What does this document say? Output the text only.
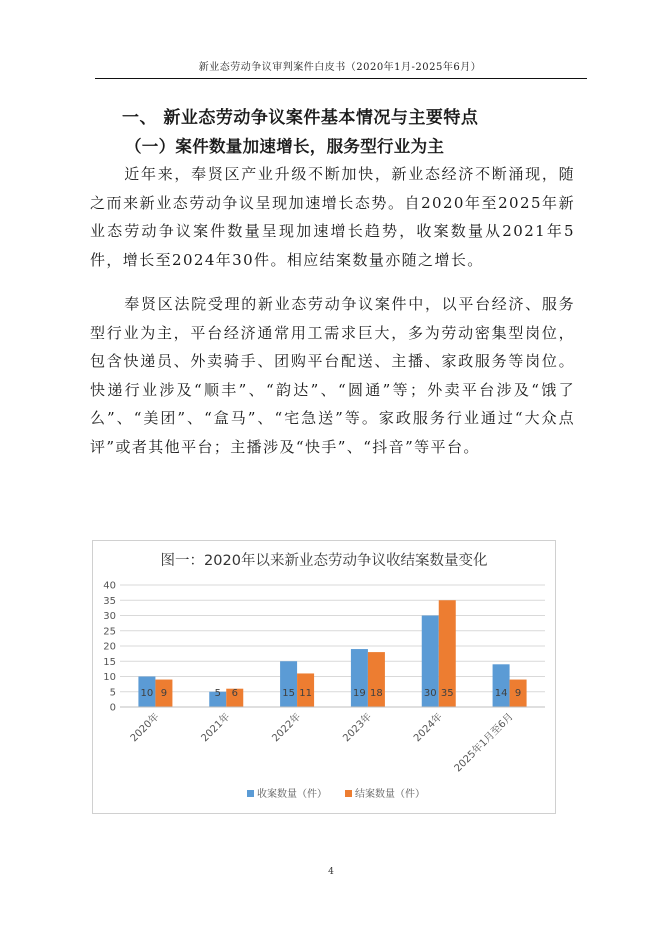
新业态劳动争议审判案件白皮书（2020年1月-2025年6月）
一、 新业态劳动争议案件基本情况与主要特点
（一）案件数量加速增长，服务型行业为主
近年来，奉贤区产业升级不断加快，新业态经济不断涌现，随之而来新业态劳动争议呈现加速增长态势。自2020年至2025年新业态劳动争议案件数量呈现加速增长趋势，收案数量从2021年5件，增长至2024年30件。相应结案数量亦随之增长。
奉贤区法院受理的新业态劳动争议案件中，以平台经济、服务型行业为主，平台经济通常用工需求巨大，多为劳动密集型岗位，包含快递员、外卖骑手、团购平台配送、主播、家政服务等岗位。快递行业涉及“顺丰”、“韵达”、“圆通”等；外卖平台涉及“饿了么”、“美团”、“盒马”、“宅急送”等。家政服务行业通过“大众点评”或者其他平台；主播涉及“快手”、“抖音”等平台。
图一：2020年以来新业态劳动争议收结案数量变化
0
5
10
15
20
25
30
35
40
10 9
2020年
5 6
2021年
15 11
2022年
19 18
2023年
30 35
2024年
14 9
2025年1月至6月
收案数量（件）	结案数量（件）
4
